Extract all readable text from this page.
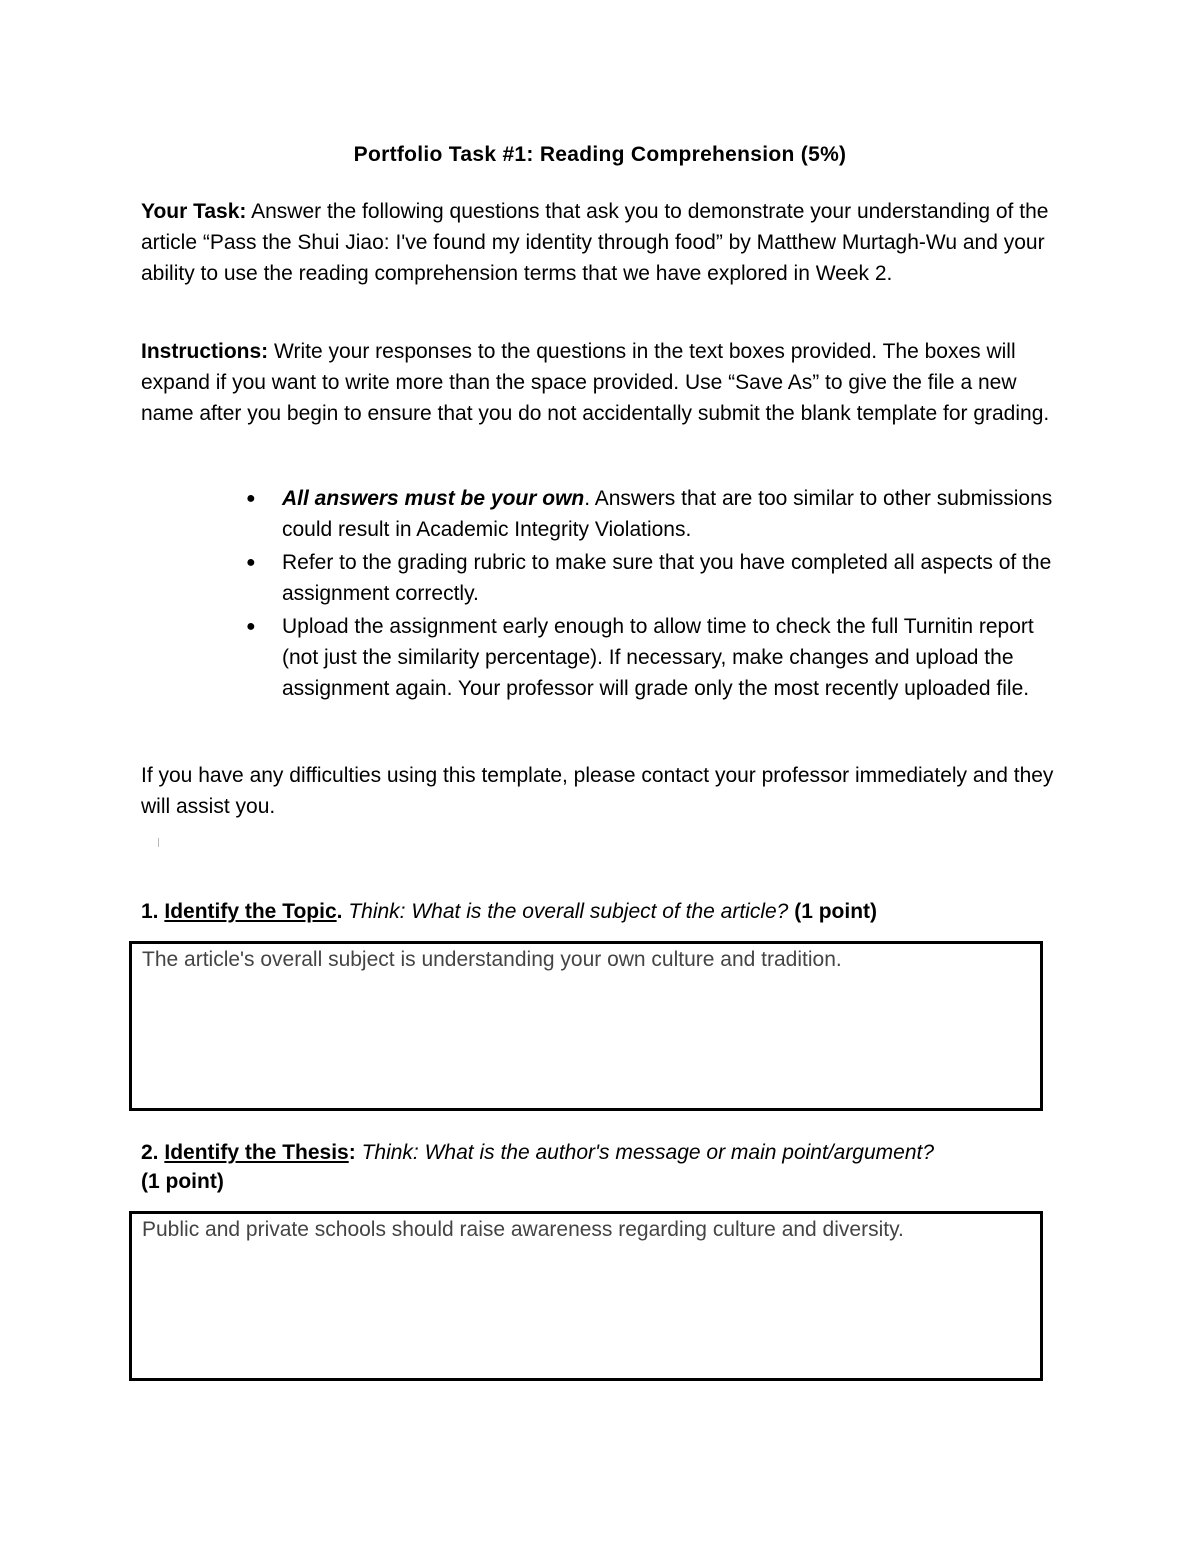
Portfolio Task #1: Reading Comprehension (5%)
Your Task: Answer the following questions that ask you to demonstrate your understanding of the article “Pass the Shui Jiao: I've found my identity through food” by Matthew Murtagh-Wu and your ability to use the reading comprehension terms that we have explored in Week 2.
Instructions: Write your responses to the questions in the text boxes provided. The boxes will expand if you want to write more than the space provided. Use “Save As” to give the file a new name after you begin to ensure that you do not accidentally submit the blank template for grading.
● All answers must be your own. Answers that are too similar to other submissions could result in Academic Integrity Violations.
● Refer to the grading rubric to make sure that you have completed all aspects of the assignment correctly.
● Upload the assignment early enough to allow time to check the full Turnitin report (not just the similarity percentage). If necessary, make changes and upload the assignment again. Your professor will grade only the most recently uploaded file.
If you have any difficulties using this template, please contact your professor immediately and they will assist you.
1. Identify the Topic. Think: What is the overall subject of the article? (1 point)
The article's overall subject is understanding your own culture and tradition.
2. Identify the Thesis: Think: What is the author's message or main point/argument?
(1 point)
Public and private schools should raise awareness regarding culture and diversity.
